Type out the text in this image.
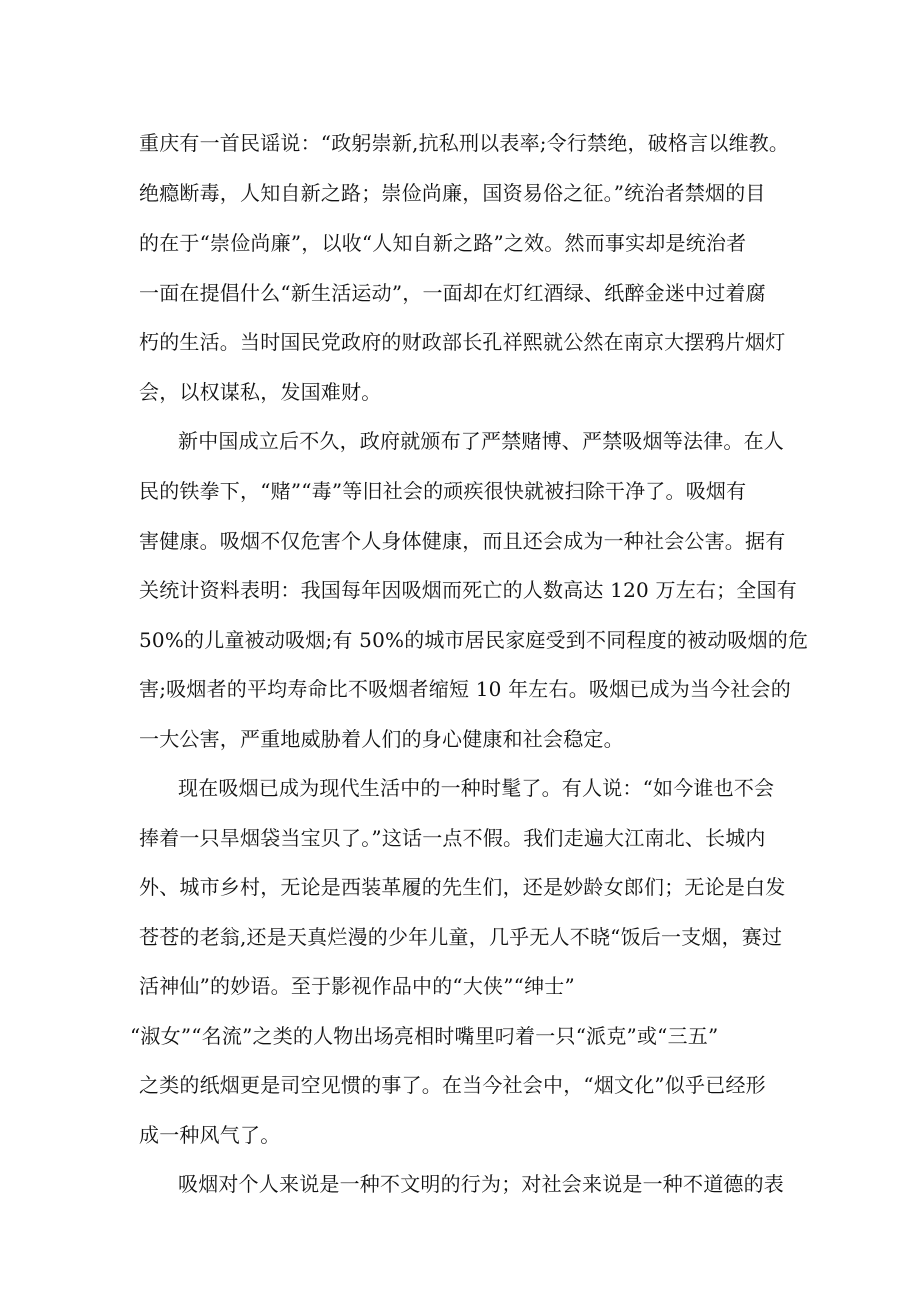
重庆有一首民谣说：“政躬崇新,抗私刑以表率;令行禁绝，破格言以维教。
绝瘾断毒，人知自新之路；崇俭尚廉，国资易俗之征。”统治者禁烟的目
的在于“崇俭尚廉”，以收“人知自新之路”之效。然而事实却是统治者
一面在提倡什么“新生活运动”，一面却在灯红酒绿、纸醉金迷中过着腐
朽的生活。当时国民党政府的财政部长孔祥熙就公然在南京大摆鸦片烟灯
会，以权谋私，发国难财。
新中国成立后不久，政府就颁布了严禁赌博、严禁吸烟等法律。在人
民的铁拳下，“赌”“毒”等旧社会的顽疾很快就被扫除干净了。吸烟有
害健康。吸烟不仅危害个人身体健康，而且还会成为一种社会公害。据有
关统计资料表明：我国每年因吸烟而死亡的人数高达 120 万左右；全国有
50%的儿童被动吸烟;有 50%的城市居民家庭受到不同程度的被动吸烟的危
害;吸烟者的平均寿命比不吸烟者缩短 10 年左右。吸烟已成为当今社会的
一大公害，严重地威胁着人们的身心健康和社会稳定。
现在吸烟已成为现代生活中的一种时髦了。有人说：“如今谁也不会
捧着一只旱烟袋当宝贝了。”这话一点不假。我们走遍大江南北、长城内
外、城市乡村，无论是西装革履的先生们，还是妙龄女郎们；无论是白发
苍苍的老翁,还是天真烂漫的少年儿童，几乎无人不晓“饭后一支烟，赛过
活神仙”的妙语。至于影视作品中的“大侠”“绅士”
“淑女”“名流”之类的人物出场亮相时嘴里叼着一只“派克”或“三五”
之类的纸烟更是司空见惯的事了。在当今社会中，“烟文化”似乎已经形
成一种风气了。
吸烟对个人来说是一种不文明的行为；对社会来说是一种不道德的表
